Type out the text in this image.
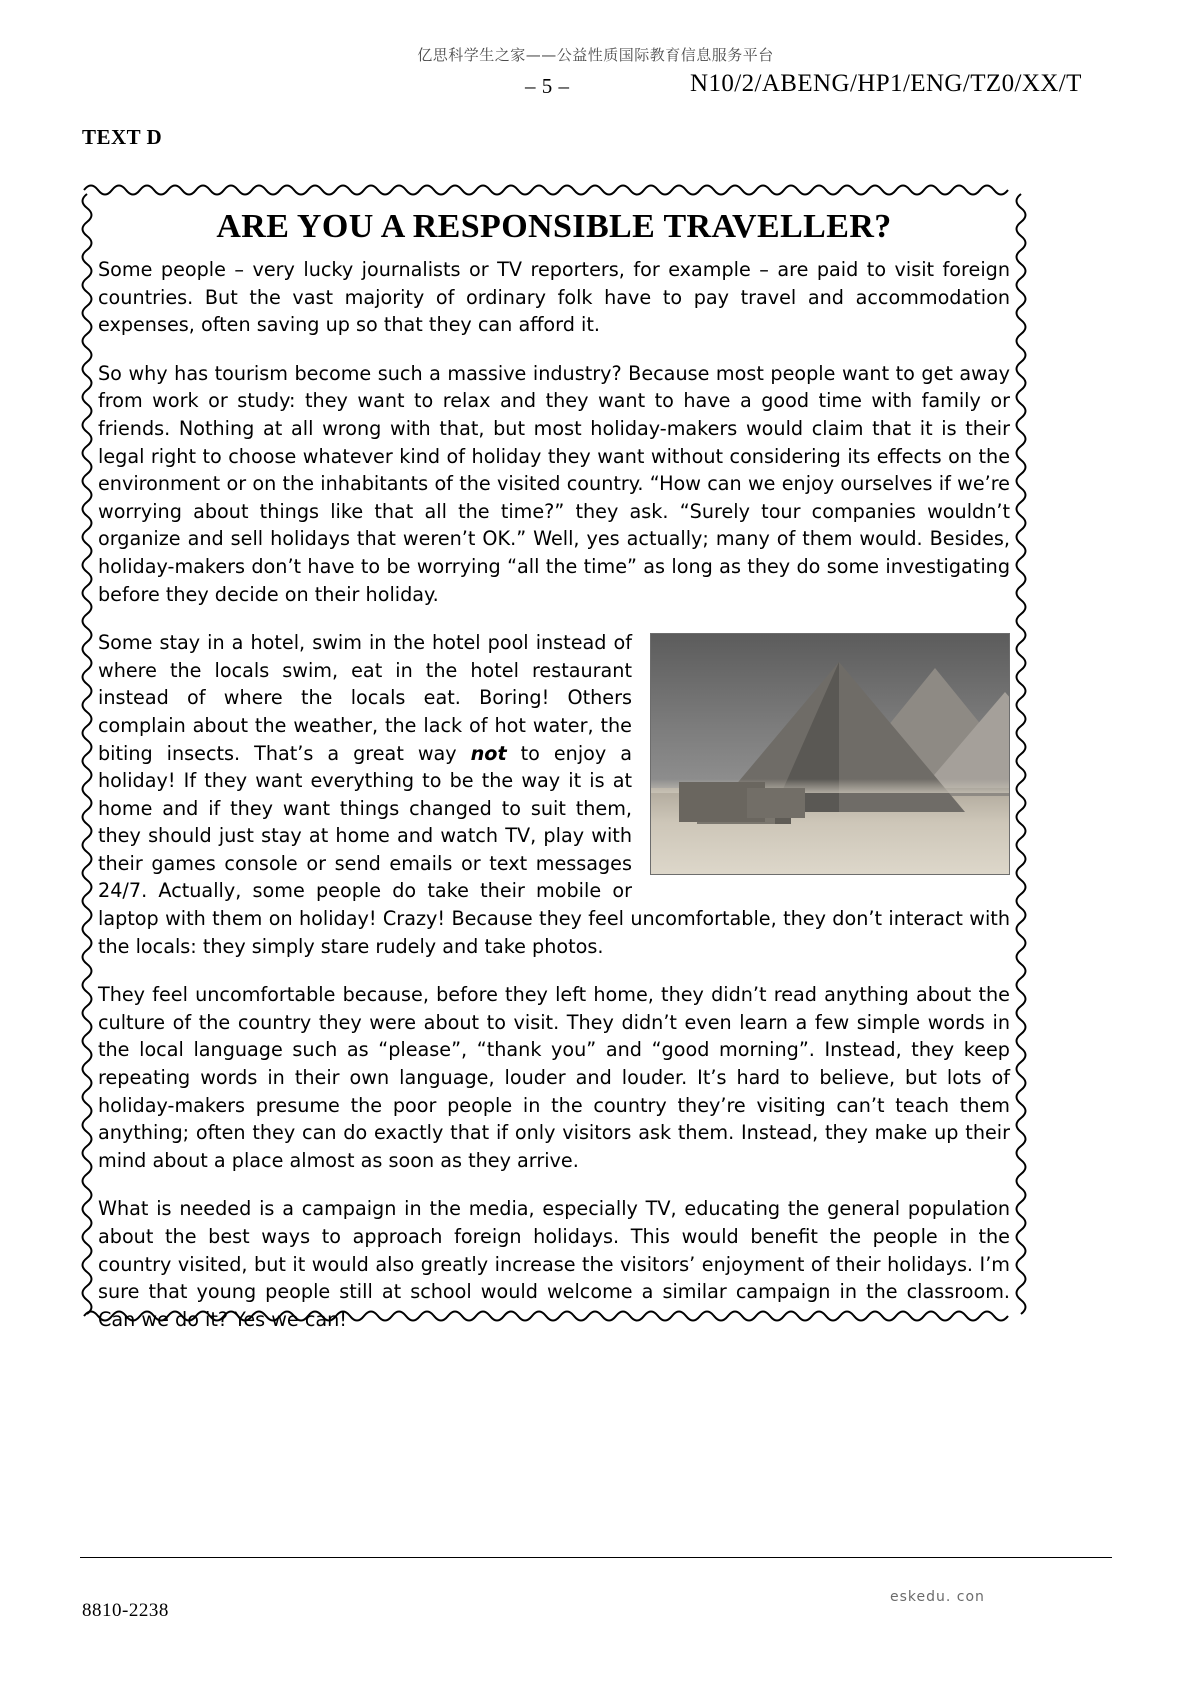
亿思科学生之家——公益性质国际教育信息服务平台
– 5 –	N10/2/ABENG/HP1/ENG/TZ0/XX/T
TEXT D
ARE YOU A RESPONSIBLE TRAVELLER?

Some people – very lucky journalists or TV reporters, for example – are paid to visit foreign countries. But the vast majority of ordinary folk have to pay travel and accommodation expenses, often saving up so that they can afford it.

So why has tourism become such a massive industry? Because most people want to get away from work or study: they want to relax and they want to have a good time with family or friends. Nothing at all wrong with that, but most holiday-makers would claim that it is their legal right to choose whatever kind of holiday they want without considering its effects on the environment or on the inhabitants of the visited country. “How can we enjoy ourselves if we’re worrying about things like that all the time?” they ask. “Surely tour companies wouldn’t organize and sell holidays that weren’t OK.” Well, yes actually; many of them would. Besides, holiday-makers don’t have to be worrying “all the time” as long as they do some investigating before they decide on their holiday.

Some stay in a hotel, swim in the hotel pool instead of where the locals swim, eat in the hotel restaurant instead of where the locals eat. Boring! Others complain about the weather, the lack of hot water, the biting insects. That’s a great way not to enjoy a holiday! If they want everything to be the way it is at home and if they want things changed to suit them, they should just stay at home and watch TV, play with their games console or send emails or text messages 24/7. Actually, some people do take their mobile or laptop with them on holiday! Crazy! Because they feel uncomfortable, they don’t interact with the locals: they simply stare rudely and take photos.

They feel uncomfortable because, before they left home, they didn’t read anything about the culture of the country they were about to visit. They didn’t even learn a few simple words in the local language such as “please”, “thank you” and “good morning”. Instead, they keep repeating words in their own language, louder and louder. It’s hard to believe, but lots of holiday-makers presume the poor people in the country they’re visiting can’t teach them anything; often they can do exactly that if only visitors ask them. Instead, they make up their mind about a place almost as soon as they arrive.

What is needed is a campaign in the media, especially TV, educating the general population about the best ways to approach foreign holidays. This would benefit the people in the country visited, but it would also greatly increase the visitors’ enjoyment of their holidays. I’m sure that young people still at school would welcome a similar campaign in the classroom. Can we do it? Yes we can!

8810-2238
eskedu. con
